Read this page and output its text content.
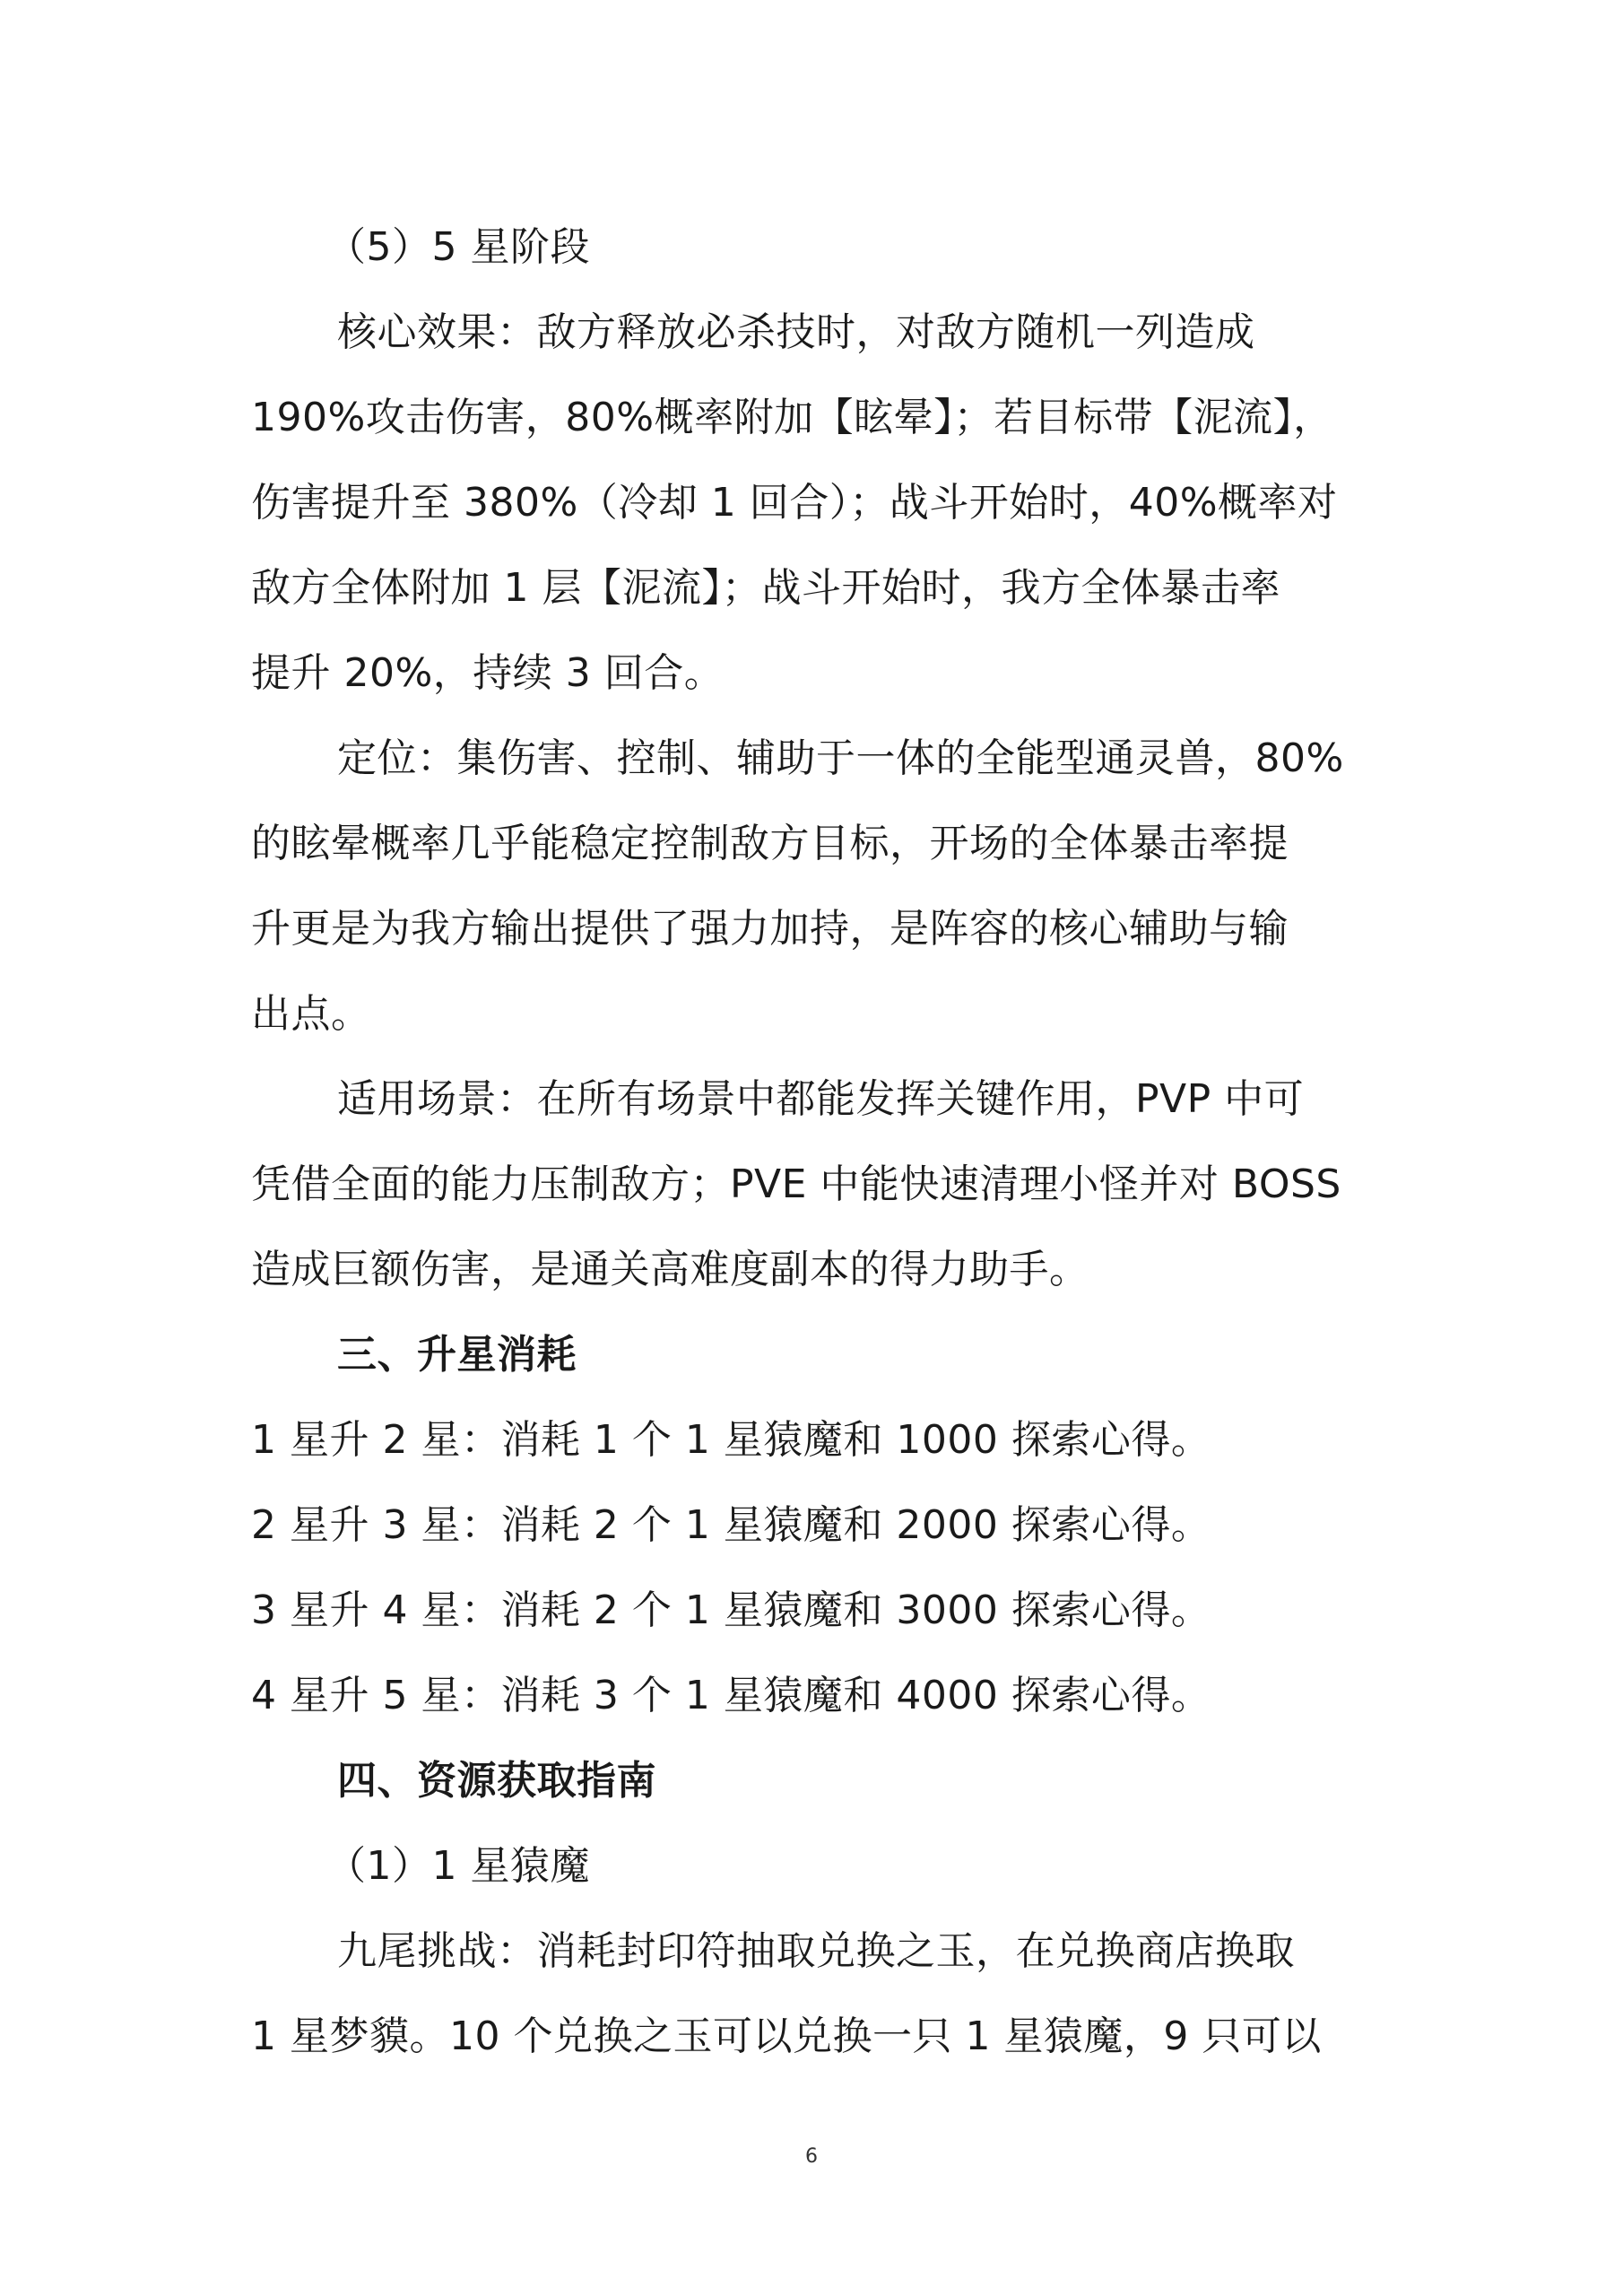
（5）5 星阶段
核心效果：敌方释放必杀技时，对敌方随机一列造成
190%攻击伤害，80%概率附加【眩晕】；若目标带【泥流】，
伤害提升至 380%（冷却 1 回合）；战斗开始时，40%概率对
敌方全体附加 1 层【泥流】；战斗开始时，我方全体暴击率
提升 20%，持续 3 回合。
定位：集伤害、控制、辅助于一体的全能型通灵兽，80%
的眩晕概率几乎能稳定控制敌方目标，开场的全体暴击率提
升更是为我方输出提供了强力加持，是阵容的核心辅助与输
出点。
适用场景：在所有场景中都能发挥关键作用，PVP 中可
凭借全面的能力压制敌方；PVE 中能快速清理小怪并对 BOSS
造成巨额伤害，是通关高难度副本的得力助手。
三、升星消耗
1 星升 2 星：消耗 1 个 1 星猿魔和 1000 探索心得。
2 星升 3 星：消耗 2 个 1 星猿魔和 2000 探索心得。
3 星升 4 星：消耗 2 个 1 星猿魔和 3000 探索心得。
4 星升 5 星：消耗 3 个 1 星猿魔和 4000 探索心得。
四、资源获取指南
（1）1 星猿魔
九尾挑战：消耗封印符抽取兑换之玉，在兑换商店换取
1 星梦貘。10 个兑换之玉可以兑换一只 1 星猿魔，9 只可以
6
